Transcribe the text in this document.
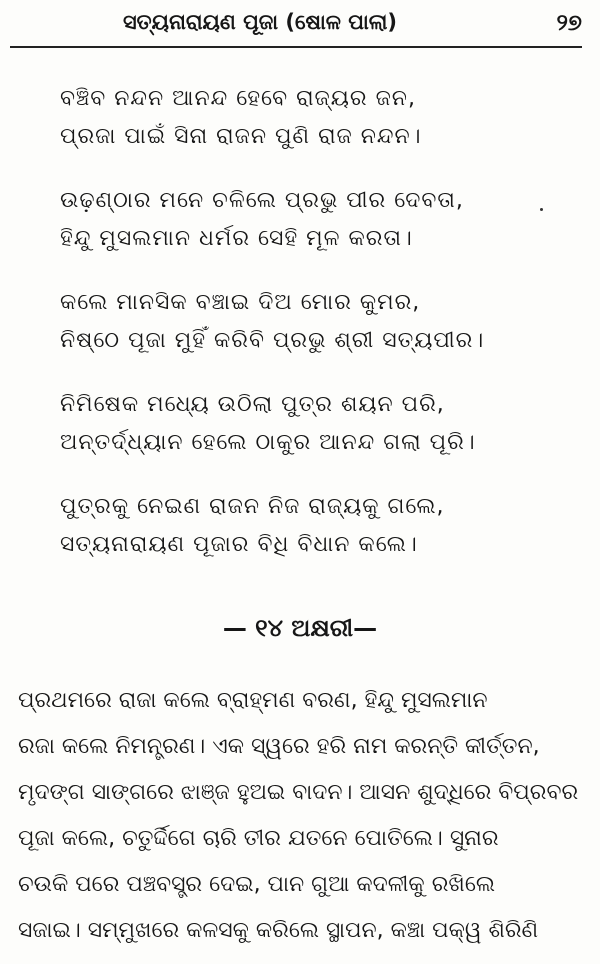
ସତ୍ୟନାରାୟଣ ପୂଜା (ଷୋଳ ପାଲା)	୨୭
ବଞ୍ଚିବ ନନ୍ଦନ ଆନନ୍ଦ ହେବେ ରାଜ୍ୟର ଜନ,
ପ୍ରଜା ପାଇଁ ସିନା ରାଜନ ପୁଣି ରାଜ ନନ୍ଦନ।
ଉଢ଼ଣ୍ଠାର ମନେ ଚଳିଲେ ପ୍ରଭୁ ପୀର ଦେବତା,
ହିନ୍ଦୁ ମୁସଲମାନ ଧର୍ମର ସେହି ମୂଳ କରତା।
କଲେ ମାନସିକ ବଞ୍ଚାଇ ଦିଅ ମୋର କୁମର,
ନିଷ୍ଠେ ପୂଜା ମୁହିଁ କରିବି ପ୍ରଭୁ ଶ୍ରୀ ସତ୍ୟପୀର।
ନିମିଷେକ ମଧ୍ୟେ ଉଠିଲା ପୁତ୍ର ଶୟନ ପରି,
ଅନ୍ତର୍ଦ୍ଧ୍ୟାନ ହେଲେ ଠାକୁର ଆନନ୍ଦ ଗଲା ପୂରି।
ପୁତ୍ରକୁ ନେଇଣ ରାଜନ ନିଜ ରାଜ୍ୟକୁ ଗଲେ,
ସତ୍ୟନାରାୟଣ ପୂଜାର ବିଧି ବିଧାନ କଲେ।
— ୧୪ ଅକ୍ଷରୀ—
ପ୍ରଥମରେ ରାଜା କଲେ ବ୍ରାହ୍ମଣ ବରଣ, ହିନ୍ଦୁ ମୁସଲମାନ
ରଜା କଲେ ନିମନ୍ତ୍ରଣ। ଏକ ସ୍ୱରେ ହରି ନାମ କରନ୍ତି କୀର୍ତ୍ତନ,
ମୃଦଙ୍ଗ ସାଙ୍ଗରେ ଝାଞ୍ଜ ହୁଅଇ ବାଦନ। ଆସନ ଶୁଦ୍ଧିରେ ବିପ୍ରବର
ପୂଜା କଲେ, ଚତୁର୍ଦ୍ଦିଗେ ଚାରି ତୀର ଯତନେ ପୋତିଲେ। ସୁନାର
ଚଉକି ପରେ ପଞ୍ଚବସ୍ତ୍ର ଦେଇ, ପାନ ଗୁଆ କଦଳୀକୁ ରଖିଲେ
ସଜାଇ। ସମ୍ମୁଖରେ କଳସକୁ କରିଲେ ସ୍ଥାପନ, କଞ୍ଚା ପକ୍ୱ ଶିରିଣି
